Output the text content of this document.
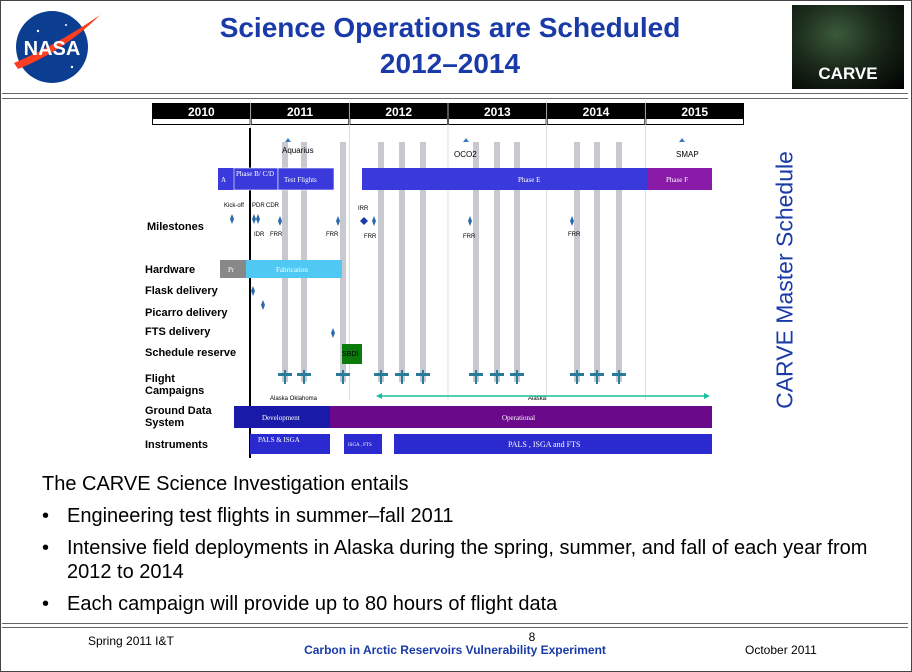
NASA
Science Operations are Scheduled
2012–2014	CARVE
2010	2011	2012	2013	2014	2015
Aquarius	OCO2	SMAP
A
Phase B/ C/D
Test Flights	Phase E	Phase F
Kick-off PDR CDR
IDR FRR	FRR
IRR
FRR	FRR	FRR
Pr	Fabrication
SBDI
Alaska Oklahoma	Alaska
Development	Operational
PALS & ISGA
ISGA , FTS	PALS , ISGA and FTS
Milestones
Hardware
Flask delivery
Picarro delivery
FTS delivery
Schedule reserve
Flight Campaigns
Ground Data System
Instruments
CARVE Master Schedule

The CARVE Science Investigation entails

• Engineering test flights in summer–fall 2011
• Intensive field deployments in Alaska during the spring, summer, and fall of each year from 2012 to 2014
• Each campaign will provide up to 80 hours of flight data
Spring 2011 I&T	8
Carbon in Arctic Reservoirs Vulnerability Experiment	October 2011
